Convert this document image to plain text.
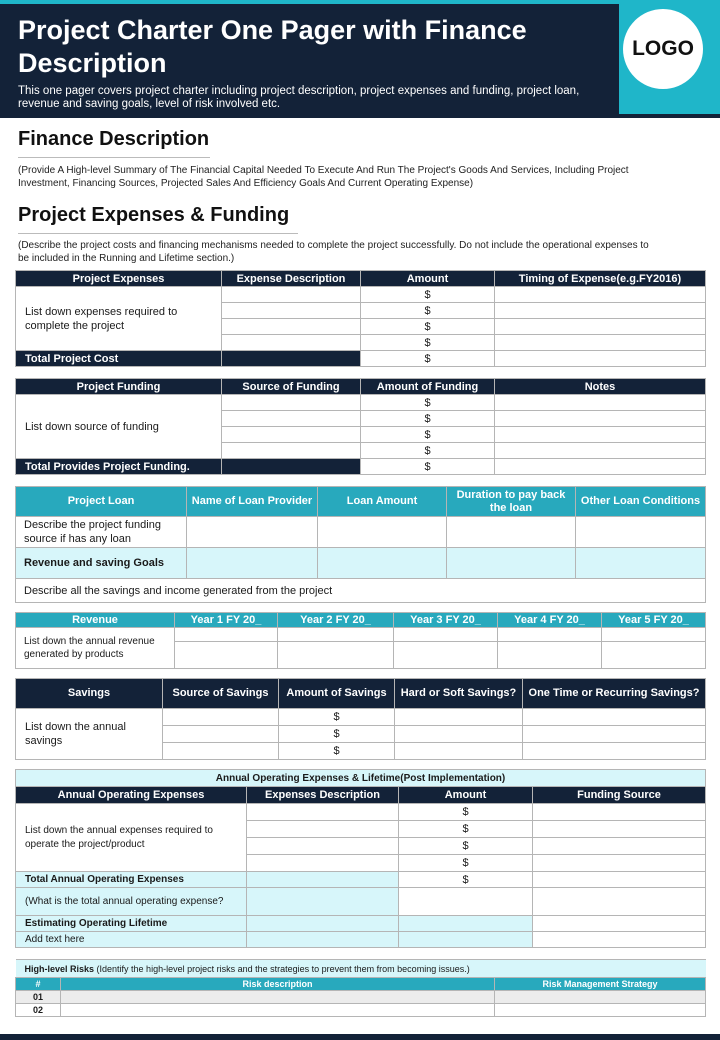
Project Charter One Pager with Finance Description
This one pager covers project charter including project description, project expenses and funding, project loan, revenue and saving goals, level of risk involved etc.
LOGO
Finance Description
(Provide A High-level Summary of The Financial Capital Needed To Execute And Run The Project's Goods And Services, Including Project Investment, Financing Sources, Projected Sales And Efficiency Goals And Current Operating Expense)
Project Expenses & Funding
(Describe the project costs and financing mechanisms needed to complete the project successfully. Do not include the operational expenses to be included in the Running and Lifetime section.)
Project Expenses	Expense Description	Amount	Timing of Expense(e.g.FY2016)
List down expenses required to complete the project		$	
		$	
		$	
		$	
Total Project Cost		$	
Project Funding	Source of Funding	Amount of Funding	Notes
List down source of funding		$	
		$	
		$	
		$	
Total Provides Project Funding.		$	
Project Loan	Name of Loan Provider	Loan Amount	Duration to pay back the loan	Other Loan Conditions
Describe the project funding source if has any loan				
Revenue and saving Goals				
Describe all the savings and income generated from the project				
Revenue	Year 1 FY 20_	Year 2 FY 20_	Year 3 FY 20_	Year 4 FY 20_	Year 5 FY 20_
List down the annual revenue generated by products					

Savings	Source of Savings	Amount of Savings	Hard or Soft Savings?	One Time or Recurring Savings?
List down the annual savings		$		
		$		
		$		
Annual Operating Expenses & Lifetime(Post Implementation)			
Annual Operating Expenses	Expenses Description	Amount	Funding Source
List down the annual expenses required to operate the project/product		$	
		$	
		$	
		$	
Total Annual Operating Expenses		$	
(What is the total annual operating expense?			
Estimating Operating Lifetime			
Add text here			
High-level Risks (Identify the high-level project risks and the strategies to prevent them from becoming issues.)		
#	Risk description	Risk Management Strategy
01		
02		
